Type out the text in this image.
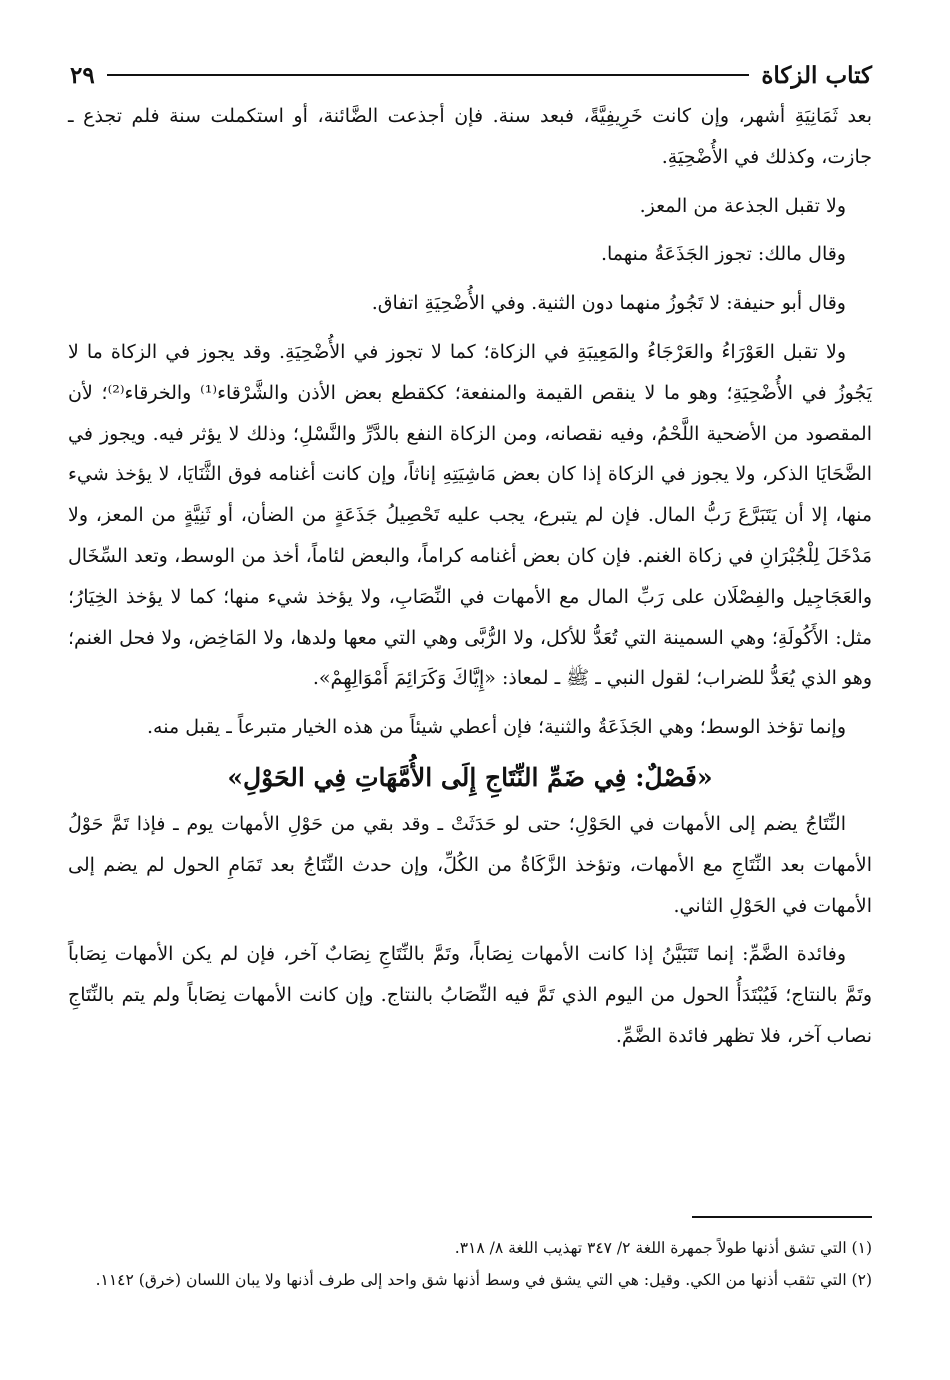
كتاب الزكاة
٢٩

بعد ثَمَانِيَةِ أشهر، وإن كانت خَرِيفِيَّةً، فبعد سنة. فإن أجذعت الضَّائنة، أو استكملت سنة فلم تجذع ـ جازت، وكذلك في الأُضْحِيَةِ.

ولا تقبل الجذعة من المعز.

وقال مالك: تجوز الجَذَعَةُ منهما.

وقال أبو حنيفة: لا تَجُوزُ منهما دون الثنية. وفي الأُضْحِيَةِ اتفاق.

ولا تقبل العَوْرَاءُ والعَرْجَاءُ والمَعِيبَةِ في الزكاة؛ كما لا تجوز في الأُضْحِيَةِ. وقد يجوز في الزكاة ما لا يَجُوزُ في الأُضْحِيَةِ؛ وهو ما لا ينقص القيمة والمنفعة؛ ككقطع بعض الأذن والشَّرْقاء⁽¹⁾ والخرقاء⁽²⁾؛ لأن المقصود من الأضحية اللَّحْمُ، وفيه نقصانه، ومن الزكاة النفع بالدَّرِّ والنَّسْلِ؛ وذلك لا يؤثر فيه. ويجوز في الضَّحَايَا الذكر، ولا يجوز في الزكاة إذا كان بعض مَاشِيَتِهِ إناثاً، وإن كانت أغنامه فوق الثَّنَايَا، لا يؤخذ شيء منها، إلا أن يَتَبَرَّعَ رَبُّ المال. فإن لم يتبرع، يجب عليه تَحْصِيلُ جَذَعَةٍ من الضأن، أو ثَنِيَّةٍ من المعز، ولا مَدْخَلَ لِلْجُبْرَانِ في زكاة الغنم. فإن كان بعض أغنامه كراماً، والبعض لئاماً، أخذ من الوسط، وتعد السِّخَال والعَجَاجِيل والفِصْلَان على رَبِّ المال مع الأمهات في النِّصَابِ، ولا يؤخذ شيء منها؛ كما لا يؤخذ الخِيَارُ؛ مثل: الأَكُولَةِ؛ وهي السمينة التي تُعَدُّ للأكل، ولا الرُّبَّى وهي التي معها ولدها، ولا المَاخِض، ولا فحل الغنم؛ وهو الذي يُعَدُّ للضراب؛ لقول النبي ـ ﷺ ـ لمعاذ: «إِيَّاكَ وَكَرَائِمَ أَمْوَالِهِمْ».

وإنما تؤخذ الوسط؛ وهي الجَذَعَةُ والثنية؛ فإن أعطي شيئاً من هذه الخيار متبرعاً ـ يقبل منه.

«فَصْلٌ: فِي ضَمِّ النِّتَاجِ إِلَى الأُمَّهَاتِ فِي الحَوْلِ»

النِّتَاجُ يضم إلى الأمهات في الحَوْلِ؛ حتى لو حَدَثَتْ ـ وقد بقي من حَوْلِ الأمهات يوم ـ فإذا تَمَّ حَوْلُ الأمهات بعد النِّتَاجِ مع الأمهات، وتؤخذ الزَّكَاةُ من الكُلِّ، وإن حدث النِّتَاجُ بعد تَمَامِ الحول لم يضم إلى الأمهات في الحَوْلِ الثاني.

وفائدة الضَّمِّ: إنما تَتَبَيَّنُ إذا كانت الأمهات نِصَاباً، وتَمَّ بالنِّتَاجِ نِصَابٌ آخر، فإن لم يكن الأمهات نِصَاباً وتَمَّ بالنتاج؛ فَيُبْتَدَأُ الحول من اليوم الذي تَمَّ فيه النِّصَابُ بالنتاج. وإن كانت الأمهات نِصَاباً ولم يتم بالنِّتَاجِ نصاب آخر، فلا تظهر فائدة الضَّمِّ.

(١) التي تشق أذنها طولاً جمهرة اللغة ٢/ ٣٤٧ تهذيب اللغة ٨/ ٣١٨.

(٢) التي تثقب أذنها من الكي. وقيل: هي التي يشق في وسط أذنها شق واحد إلى طرف أذنها ولا يبان اللسان (خرق) ١١٤٢.
